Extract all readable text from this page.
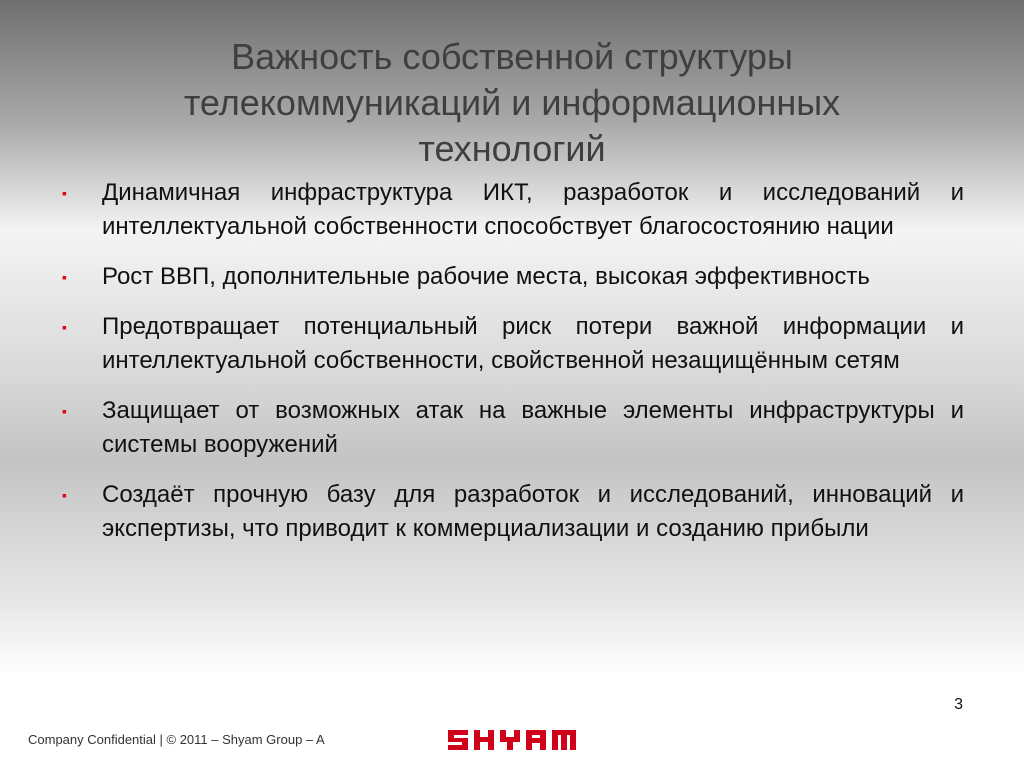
Важность собственной структуры телекоммуникаций и информационных технологий
▪	Динамичная инфраструктура ИКТ, разработок и исследований и интеллектуальной собственности способствует благосостоянию нации
▪	Рост ВВП, дополнительные рабочие места, высокая эффективность
▪	Предотвращает потенциальный риск потери важной информации и интеллектуальной собственности, свойственной незащищённым сетям
▪	Защищает от возможных атак на важные элементы инфраструктуры и системы вооружений
▪	Создаёт прочную базу для разработок и исследований, инноваций и экспертизы, что приводит к коммерциализации и созданию прибыли
3
Company Confidential | © 2011 – Shyam Group – A
